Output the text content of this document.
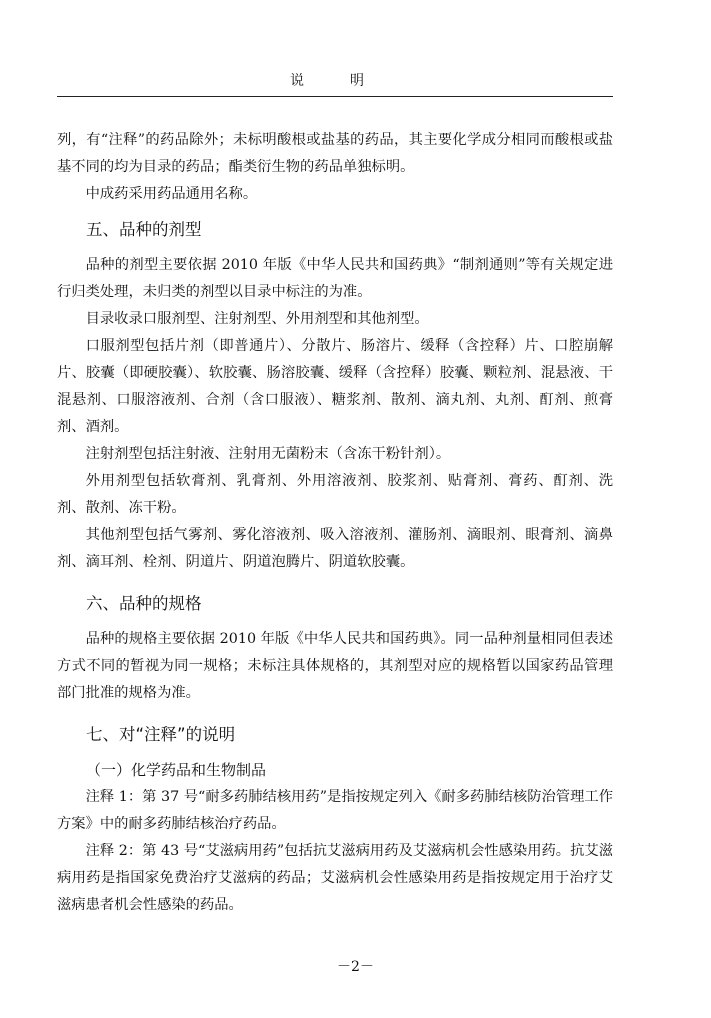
说　明

列，有“注释”的药品除外；未标明酸根或盐基的药品，其主要化学成分相同而酸根或盐基不同的均为目录的药品；酯类衍生物的药品单独标明。

中成药采用药品通用名称。

五、品种的剂型

品种的剂型主要依据 2010 年版《中华人民共和国药典》“制剂通则”等有关规定进行归类处理，未归类的剂型以目录中标注的为准。

目录收录口服剂型、注射剂型、外用剂型和其他剂型。

口服剂型包括片剂（即普通片）、分散片、肠溶片、缓释（含控释）片、口腔崩解片、胶囊（即硬胶囊）、软胶囊、肠溶胶囊、缓释（含控释）胶囊、颗粒剂、混悬液、干混悬剂、口服溶液剂、合剂（含口服液）、糖浆剂、散剂、滴丸剂、丸剂、酊剂、煎膏剂、酒剂。

注射剂型包括注射液、注射用无菌粉末（含冻干粉针剂）。

外用剂型包括软膏剂、乳膏剂、外用溶液剂、胶浆剂、贴膏剂、膏药、酊剂、洗剂、散剂、冻干粉。

其他剂型包括气雾剂、雾化溶液剂、吸入溶液剂、灌肠剂、滴眼剂、眼膏剂、滴鼻剂、滴耳剂、栓剂、阴道片、阴道泡腾片、阴道软胶囊。

六、品种的规格

品种的规格主要依据 2010 年版《中华人民共和国药典》。同一品种剂量相同但表述方式不同的暂视为同一规格；未标注具体规格的，其剂型对应的规格暂以国家药品管理部门批准的规格为准。

七、对“注释”的说明
（一）化学药品和生物制品

注释 1：第 37 号“耐多药肺结核用药”是指按规定列入《耐多药肺结核防治管理工作方案》中的耐多药肺结核治疗药品。

注释 2：第 43 号“艾滋病用药”包括抗艾滋病用药及艾滋病机会性感染用药。抗艾滋病用药是指国家免费治疗艾滋病的药品；艾滋病机会性感染用药是指按规定用于治疗艾滋病患者机会性感染的药品。

－2－
